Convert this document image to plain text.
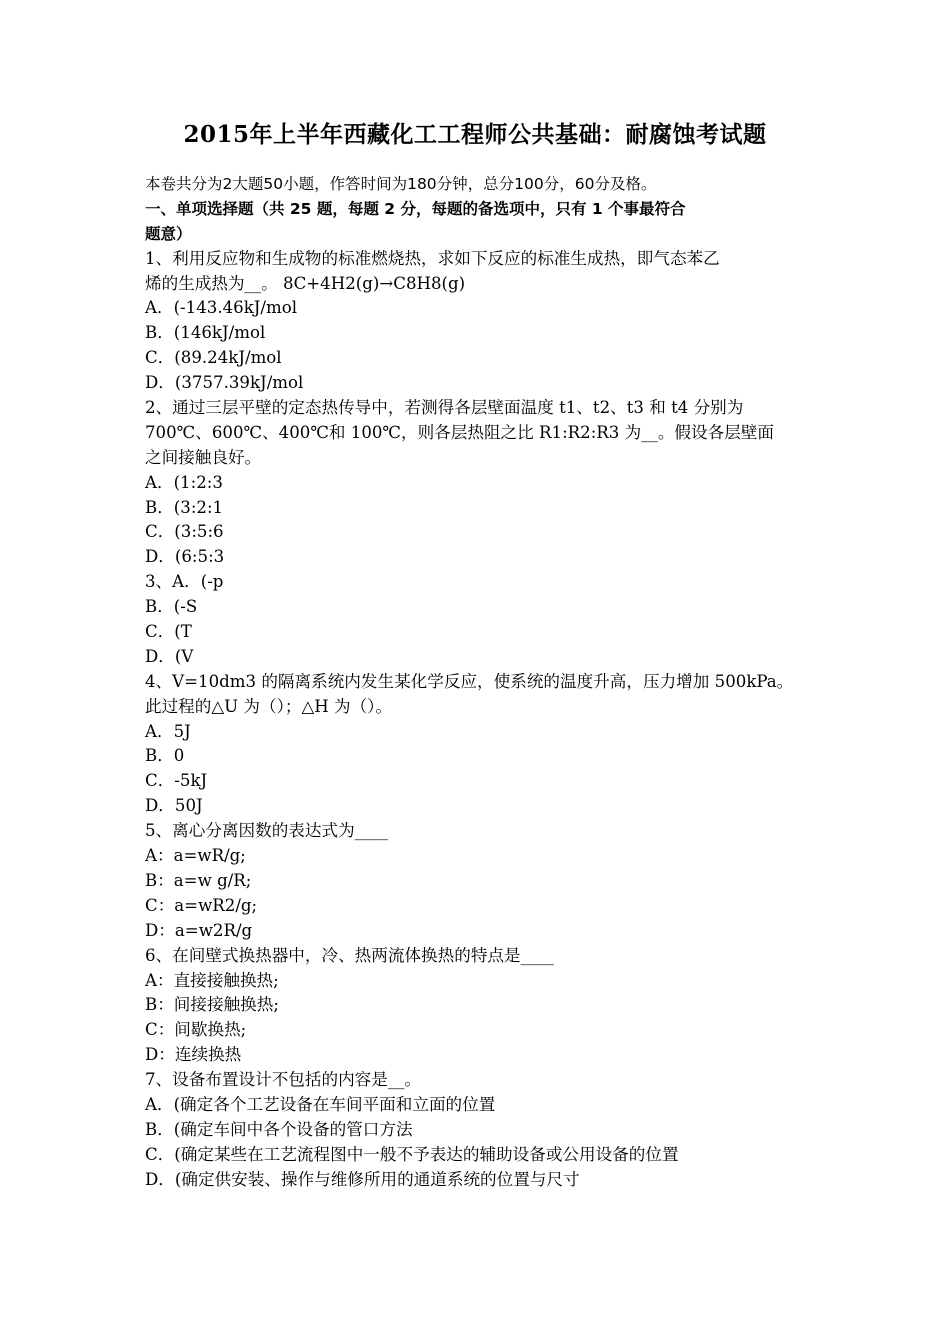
2015年上半年西藏化工工程师公共基础：耐腐蚀考试题
本卷共分为2大题50小题，作答时间为180分钟，总分100分，60分及格。
一、单项选择题（共 25 题，每题 2 分，每题的备选项中，只有 1 个事最符合
题意）
1、利用反应物和生成物的标准燃烧热，求如下反应的标准生成热，即气态苯乙
烯的生成热为__。 8C+4H2(g)→C8H8(g)
A．(-143.46kJ/mol
B．(146kJ/mol
C．(89.24kJ/mol
D．(3757.39kJ/mol
2、通过三层平壁的定态热传导中，若测得各层壁面温度 t1、t2、t3 和 t4 分别为
700℃、600℃、400℃和 100℃，则各层热阻之比 R1:R2:R3 为__。假设各层壁面
之间接触良好。
A．(1:2:3
B．(3:2:1
C．(3:5:6
D．(6:5:3
3、A．(-p
B．(-S
C．(T
D．(V
4、V=10dm3 的隔离系统内发生某化学反应，使系统的温度升高，压力增加 500kPa。
此过程的△U 为（）；△H 为（）。
A．5J
B．0
C．-5kJ
D．50J
5、离心分离因数的表达式为____
A：a=wR/g;
B：a=w g/R;
C：a=wR2/g;
D：a=w2R/g
6、在间壁式换热器中，冷、热两流体换热的特点是____
A：直接接触换热;
B：间接接触换热;
C：间歇换热;
D：连续换热
7、设备布置设计不包括的内容是__。
A．(确定各个工艺设备在车间平面和立面的位置
B．(确定车间中各个设备的管口方法
C．(确定某些在工艺流程图中一般不予表达的辅助设备或公用设备的位置
D．(确定供安装、操作与维修所用的通道系统的位置与尺寸
